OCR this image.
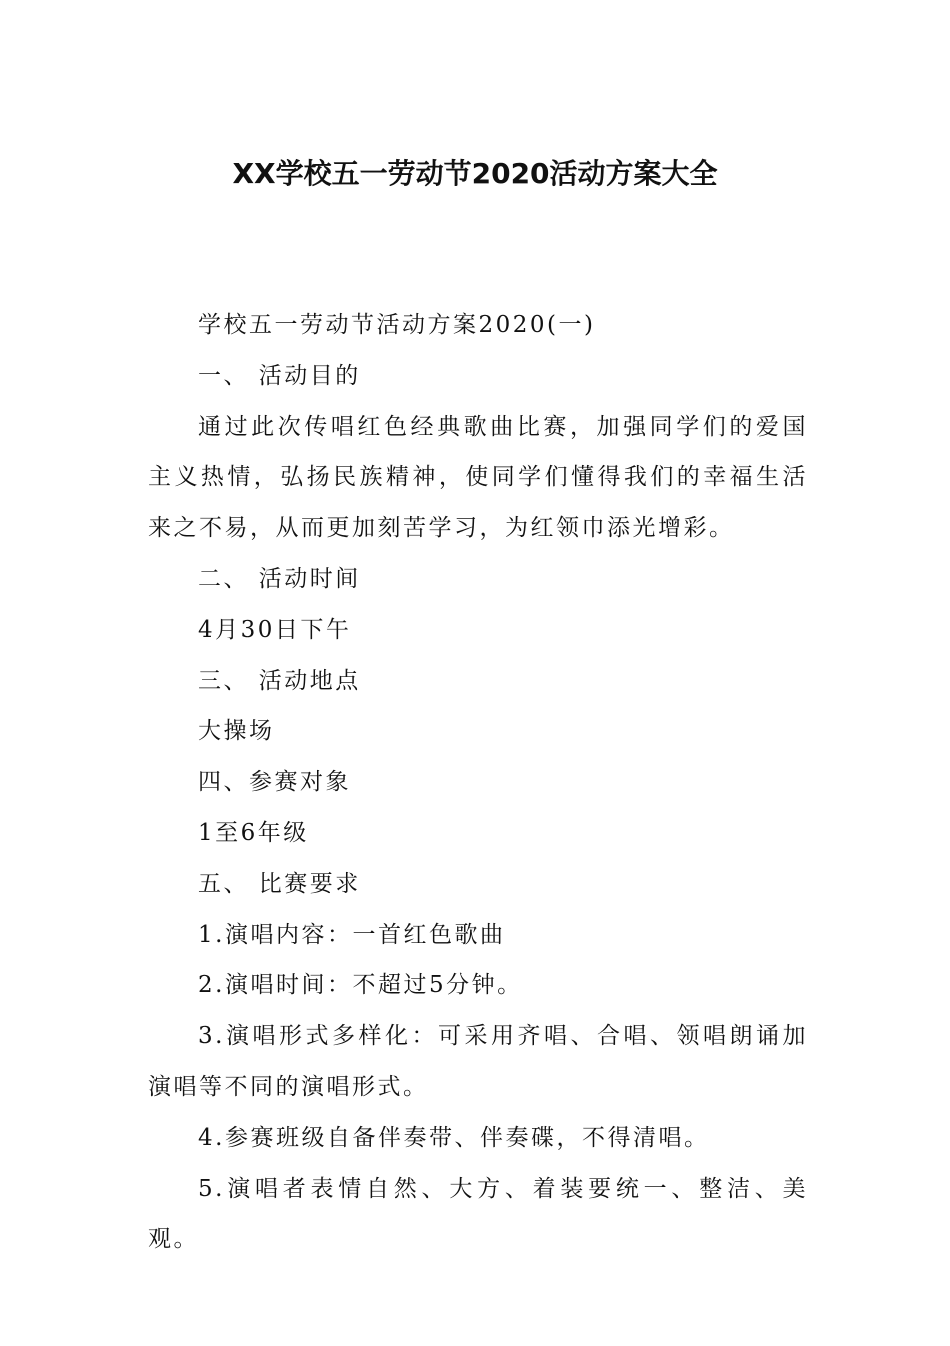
XX学校五一劳动节2020活动方案大全

学校五一劳动节活动方案2020(一)

一、 活动目的

通过此次传唱红色经典歌曲比赛，加强同学们的爱国主义热情，弘扬民族精神，使同学们懂得我们的幸福生活来之不易，从而更加刻苦学习，为红领巾添光增彩。

二、 活动时间

4月30日下午

三、 活动地点

大操场

四、参赛对象

1至6年级

五、 比赛要求

1.演唱内容：一首红色歌曲

2.演唱时间：不超过5分钟。

3.演唱形式多样化：可采用齐唱、合唱、领唱朗诵加演唱等不同的演唱形式。

4.参赛班级自备伴奏带、伴奏碟，不得清唱。

5.演唱者表情自然、大方、着装要统一、整洁、美观。
